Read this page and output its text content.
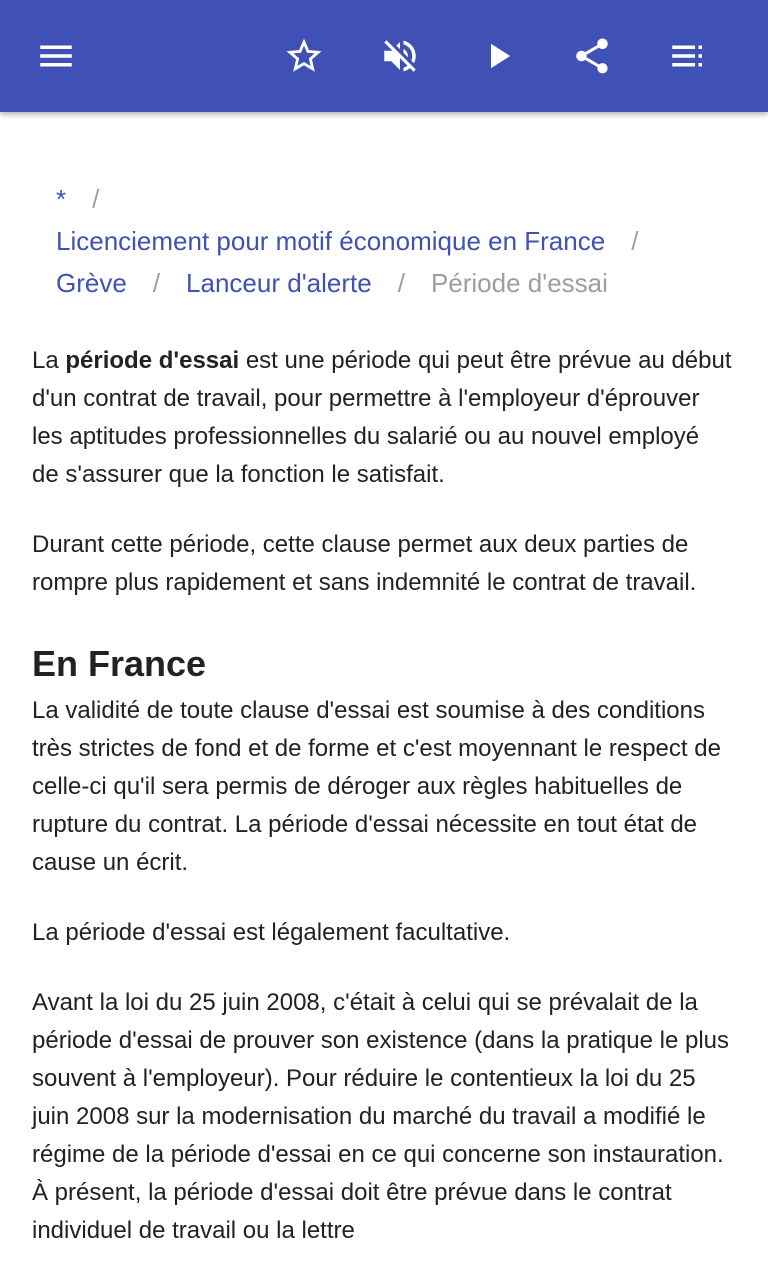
* /
Licenciement pour motif économique en France /
Grève / Lanceur d'alerte / Période d'essai

La période d'essai est une période qui peut être prévue au début d'un contrat de travail, pour permettre à l'employeur d'éprouver les aptitudes professionnelles du salarié ou au nouvel employé de s'assurer que la fonction le satisfait.

Durant cette période, cette clause permet aux deux parties de rompre plus rapidement et sans indemnité le contrat de travail.

En France

La validité de toute clause d'essai est soumise à des conditions très strictes de fond et de forme et c'est moyennant le respect de celle-ci qu'il sera permis de déroger aux règles habituelles de rupture du contrat. La période d'essai nécessite en tout état de cause un écrit.

La période d'essai est légalement facultative.

Avant la loi du 25 juin 2008, c'était à celui qui se prévalait de la période d'essai de prouver son existence (dans la pratique le plus souvent à l'employeur). Pour réduire le contentieux la loi du 25 juin 2008 sur la modernisation du marché du travail a modifié le régime de la période d'essai en ce qui concerne son instauration. À présent, la période d'essai doit être prévue dans le contrat individuel de travail ou la lettre
